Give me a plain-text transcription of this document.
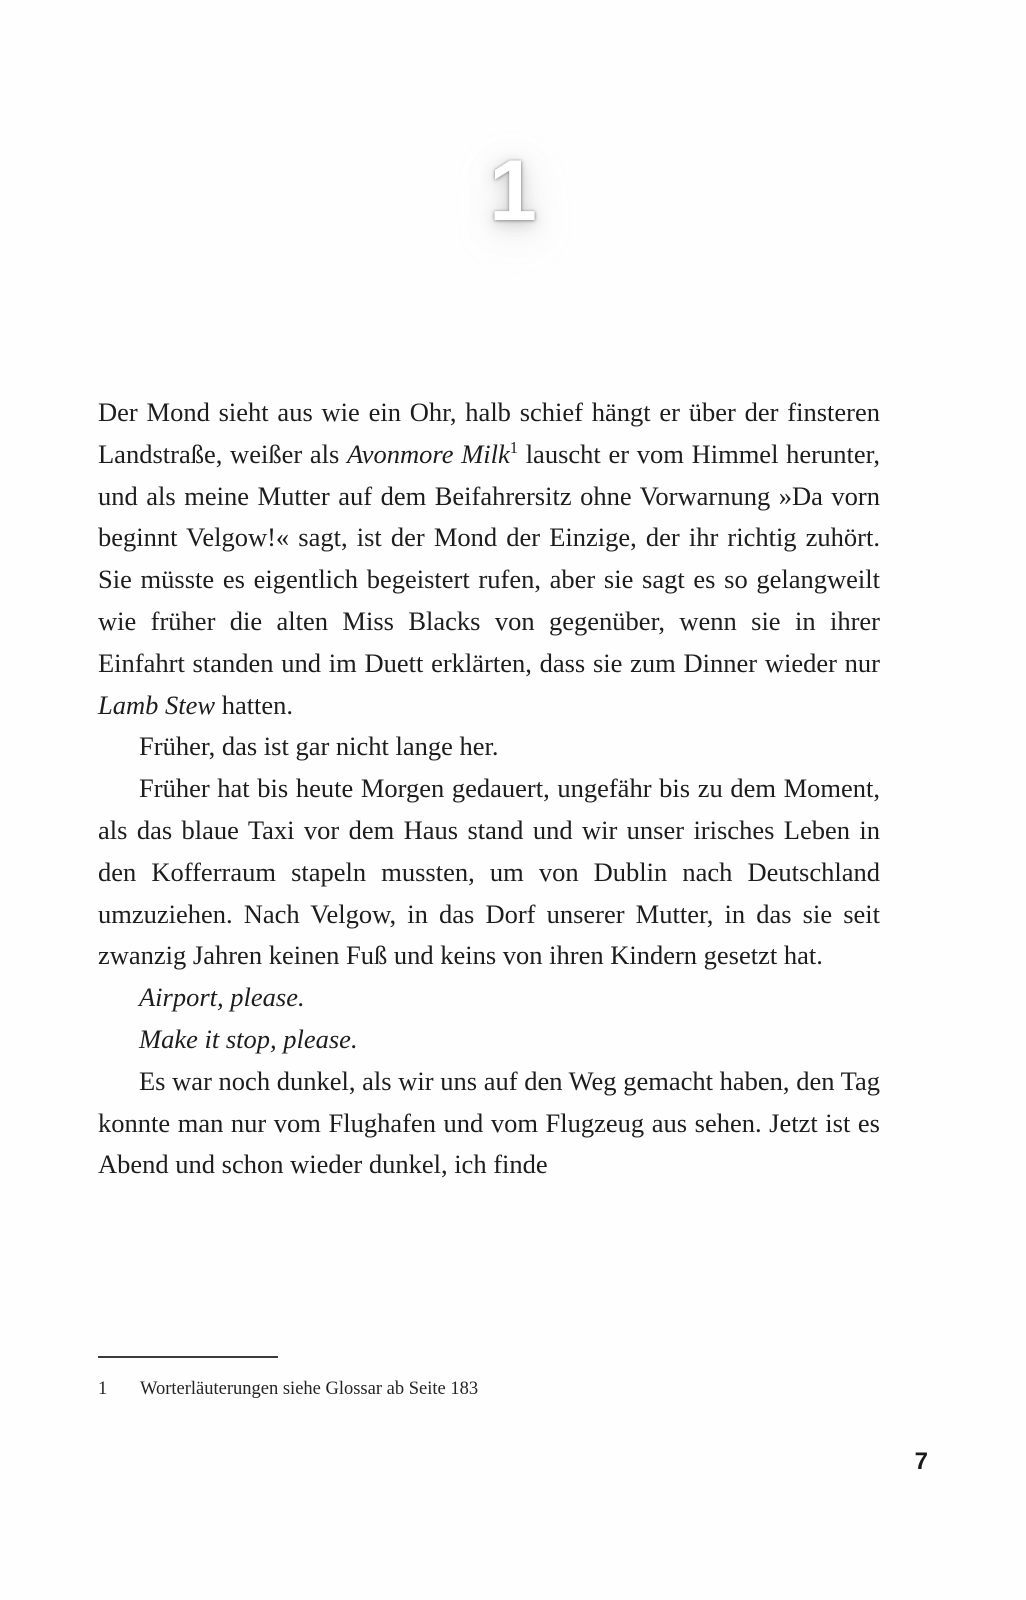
1

Der Mond sieht aus wie ein Ohr, halb schief hängt er über der finsteren Landstraße, weißer als Avonmore Milk$^1$ lauscht er vom Himmel herunter, und als meine Mutter auf dem Beifahrersitz ohne Vorwarnung »Da vorn beginnt Velgow!« sagt, ist der Mond der Einzige, der ihr richtig zuhört. Sie müsste es eigentlich begeistert rufen, aber sie sagt es so gelangweilt wie früher die alten Miss Blacks von gegenüber, wenn sie in ihrer Einfahrt standen und im Duett erklärten, dass sie zum Dinner wieder nur Lamb Stew hatten.

Früher, das ist gar nicht lange her.

Früher hat bis heute Morgen gedauert, ungefähr bis zu dem Moment, als das blaue Taxi vor dem Haus stand und wir unser irisches Leben in den Kofferraum stapeln mussten, um von Dublin nach Deutschland umzuziehen. Nach Velgow, in das Dorf unserer Mutter, in das sie seit zwanzig Jahren keinen Fuß und keins von ihren Kindern gesetzt hat.

Airport, please.

Make it stop, please.

Es war noch dunkel, als wir uns auf den Weg gemacht haben, den Tag konnte man nur vom Flughafen und vom Flugzeug aus sehen. Jetzt ist es Abend und schon wieder dunkel, ich finde

1	Worterläuterungen siehe Glossar ab Seite 183
7
